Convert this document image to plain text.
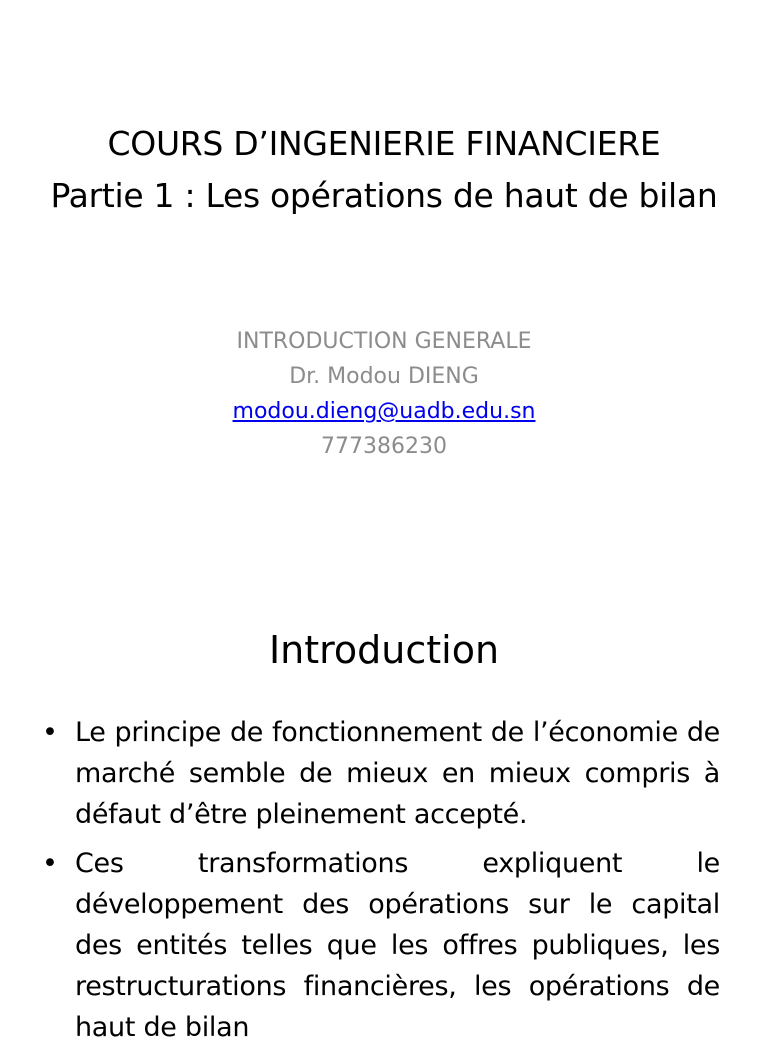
COURS D’INGENIERIE FINANCIERE
Partie 1 : Les opérations de haut de bilan
INTRODUCTION GENERALE
Dr. Modou DIENG
modou.dieng@uadb.edu.sn
777386230
Introduction
• Le principe de fonctionnement de l’économie de marché semble de mieux en mieux compris à défaut d’être pleinement accepté.
• Ces transformations expliquent le développement des opérations sur le capital des entités telles que les offres publiques, les restructurations financières, les opérations de haut de bilan
